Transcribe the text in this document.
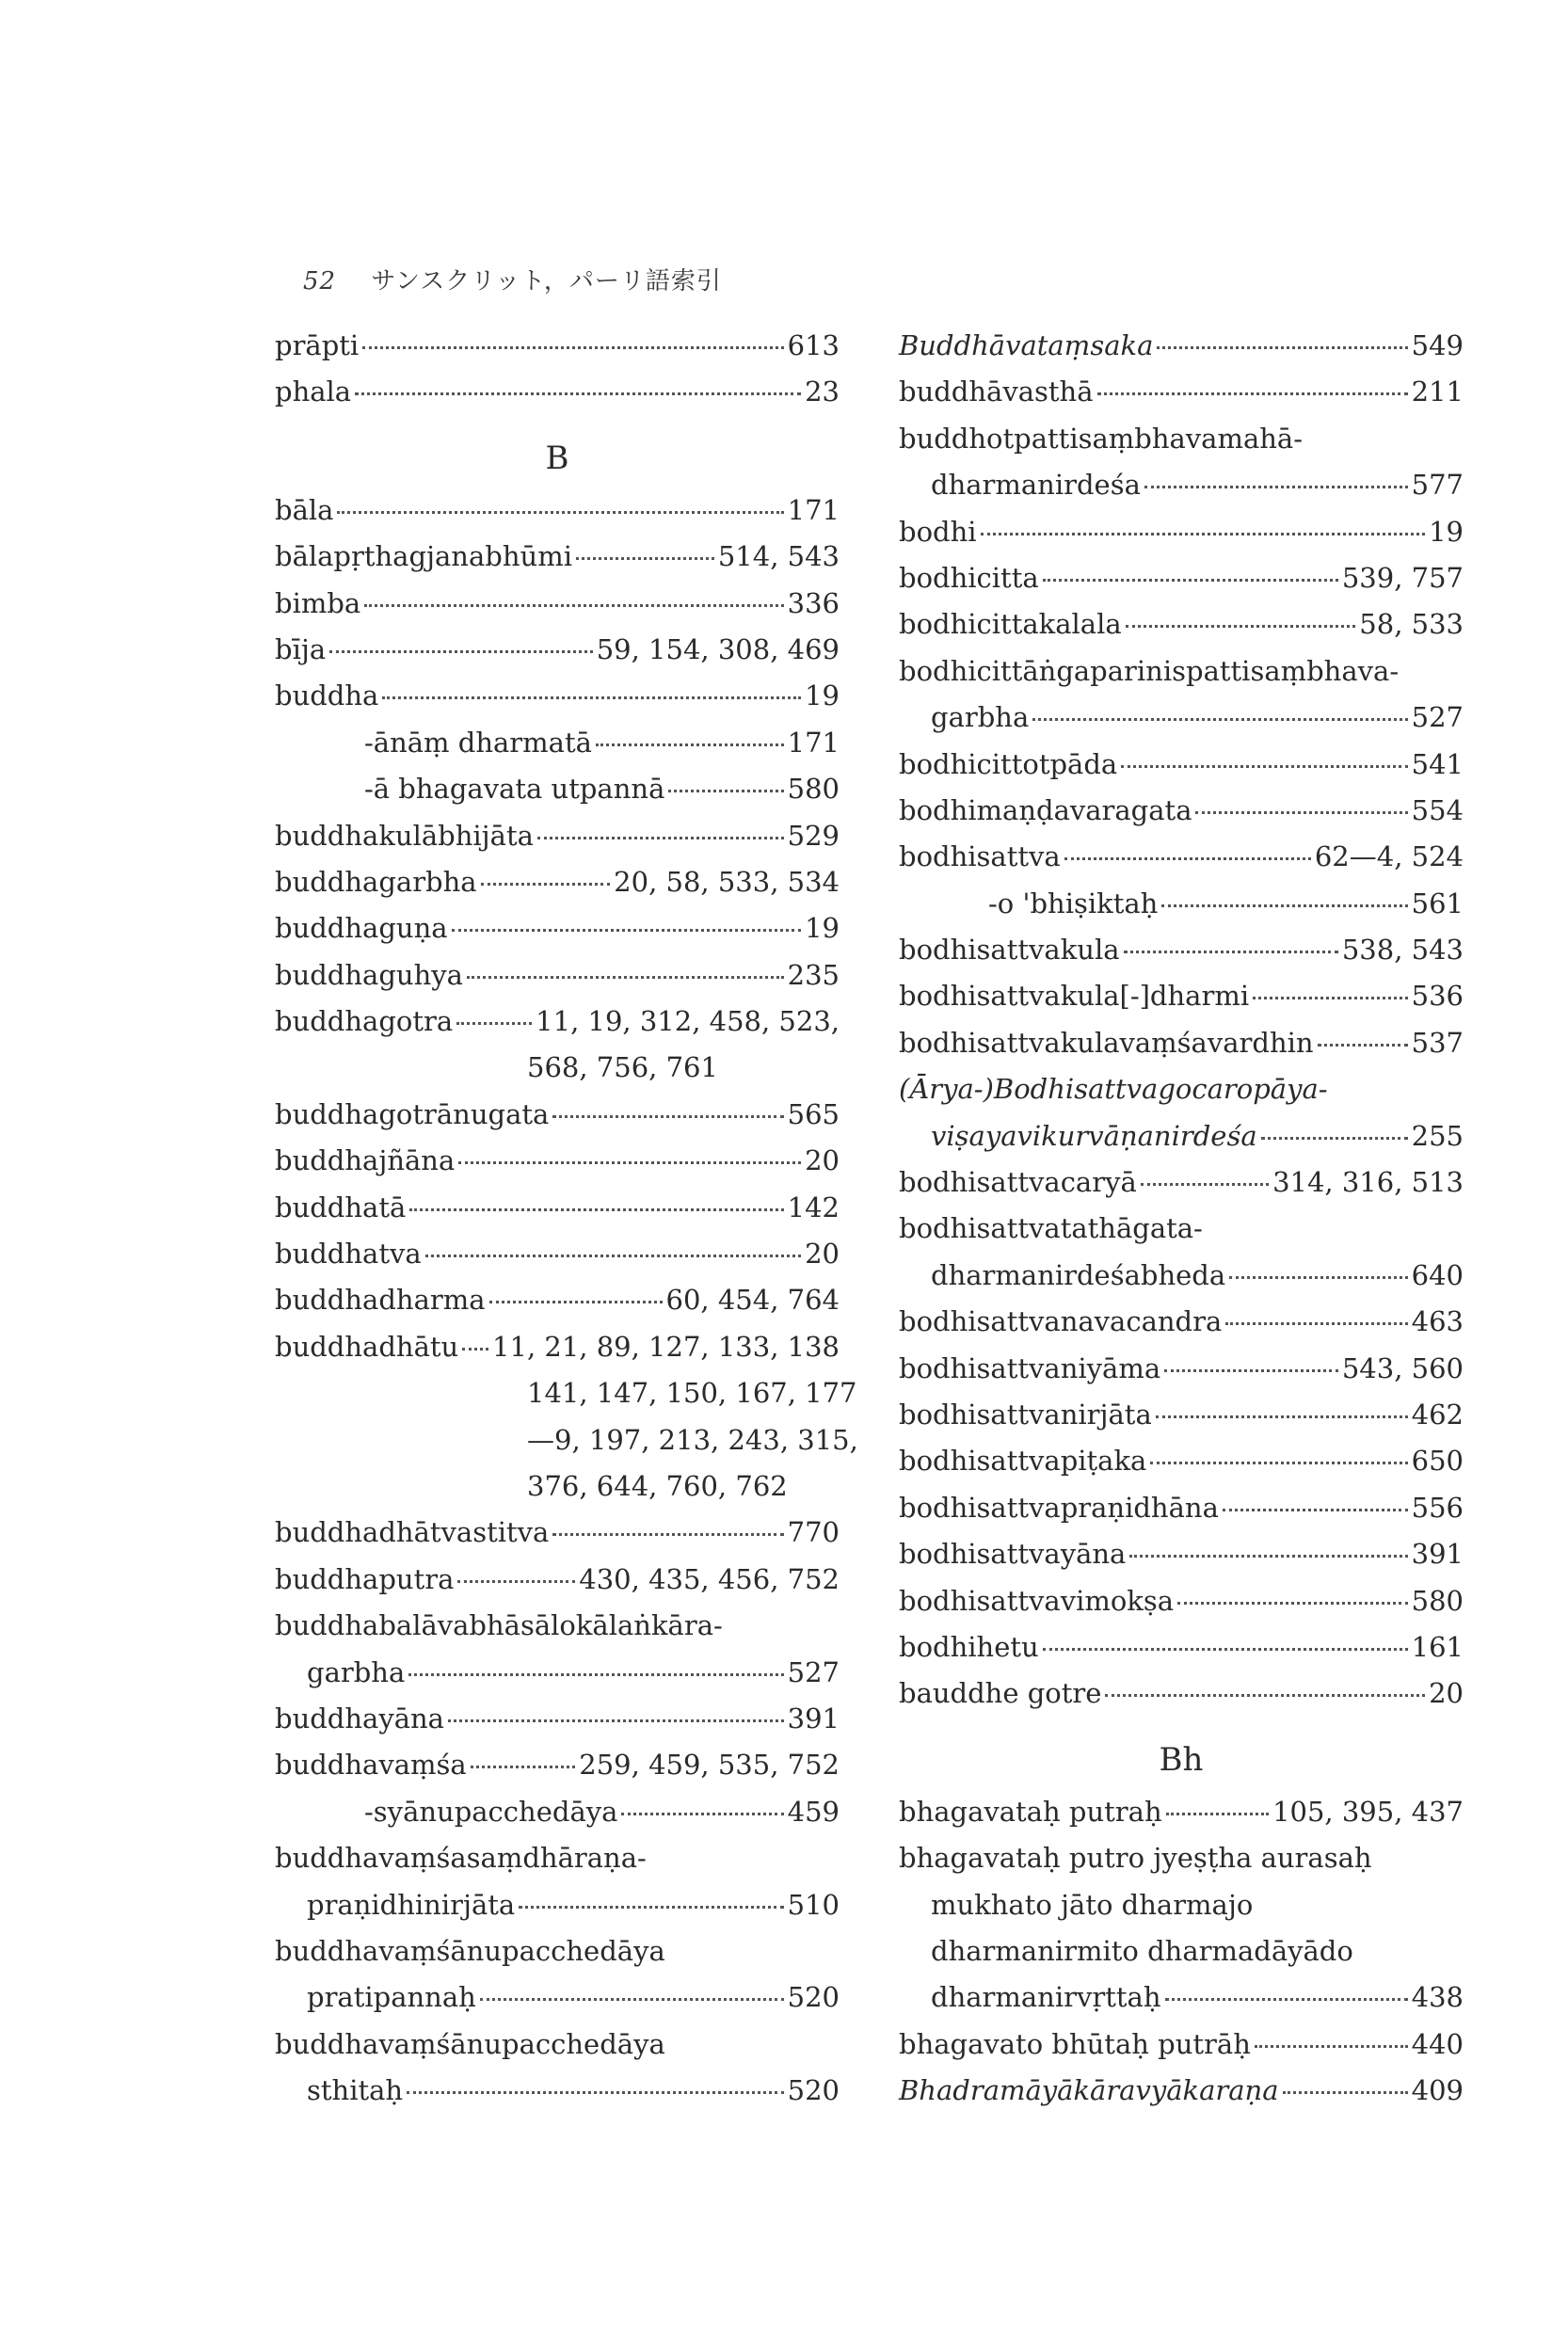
52 サンスクリット，パーリ語索引
prāpti	613
phala	23
B
bāla	171
bālapṛthagjanabhūmi	514, 543
bimba	336
bīja	59, 154, 308, 469
buddha	19
-ānāṃ dharmatā	171
-ā bhagavata utpannā	580
buddhakulābhijāta	529
buddhagarbha	20, 58, 533, 534
buddhaguṇa	19
buddhaguhya	235
buddhagotra	11, 19, 312, 458, 523,
568, 756, 761
buddhagotrānugata	565
buddhajñāna	20
buddhatā	142
buddhatva	20
buddhadharma	60, 454, 764
buddhadhātu 11, 21, 89, 127, 133, 138
141, 147, 150, 167, 177
—9, 197, 213, 243, 315,
376, 644, 760, 762
buddhadhātvastitva	770
buddhaputra	430, 435, 456, 752
buddhabalāvabhāsālokālaṅkāra-
garbha	527
buddhayāna	391
buddhavaṃśa	259, 459, 535, 752
-syānupacchedāya	459
buddhavaṃśasaṃdhāraṇa-
praṇidhinirjāta	510
buddhavaṃśānupacchedāya
pratipannaḥ	520
buddhavaṃśānupacchedāya
sthitaḥ	520
Buddhāvataṃsaka	549
buddhāvasthā	211
buddhotpattisaṃbhavamahā-
dharmanirdeśa	577
bodhi	19
bodhicitta	539, 757
bodhicittakalala	58, 533
bodhicittāṅgaparinispattisaṃbhava-
garbha	527
bodhicittotpāda	541
bodhimaṇḍavaragata	554
bodhisattva	62—4, 524
-o 'bhiṣiktaḥ	561
bodhisattvakula	538, 543
bodhisattvakula[-]dharmi	536
bodhisattvakulavaṃśavardhin	537
(Ārya-)Bodhisattvagocaropāya-
viṣayavikurvāṇanirdeśa	255
bodhisattvacaryā	314, 316, 513
bodhisattvatathāgata-
dharmanirdeśabheda	640
bodhisattvanavacandra	463
bodhisattvaniyāma	543, 560
bodhisattvanirjāta	462
bodhisattvapiṭaka	650
bodhisattvapraṇidhāna	556
bodhisattvayāna	391
bodhisattvavimokṣa	580
bodhihetu	161
bauddhe gotre	20
Bh
bhagavataḥ putraḥ	105, 395, 437
bhagavataḥ putro jyeṣṭha aurasaḥ
mukhato jāto dharmajo
dharmanirmito dharmadāyādo
dharmanirvṛttaḥ	438
bhagavato bhūtaḥ putrāḥ	440
Bhadramāyākāravyākaraṇa	409
